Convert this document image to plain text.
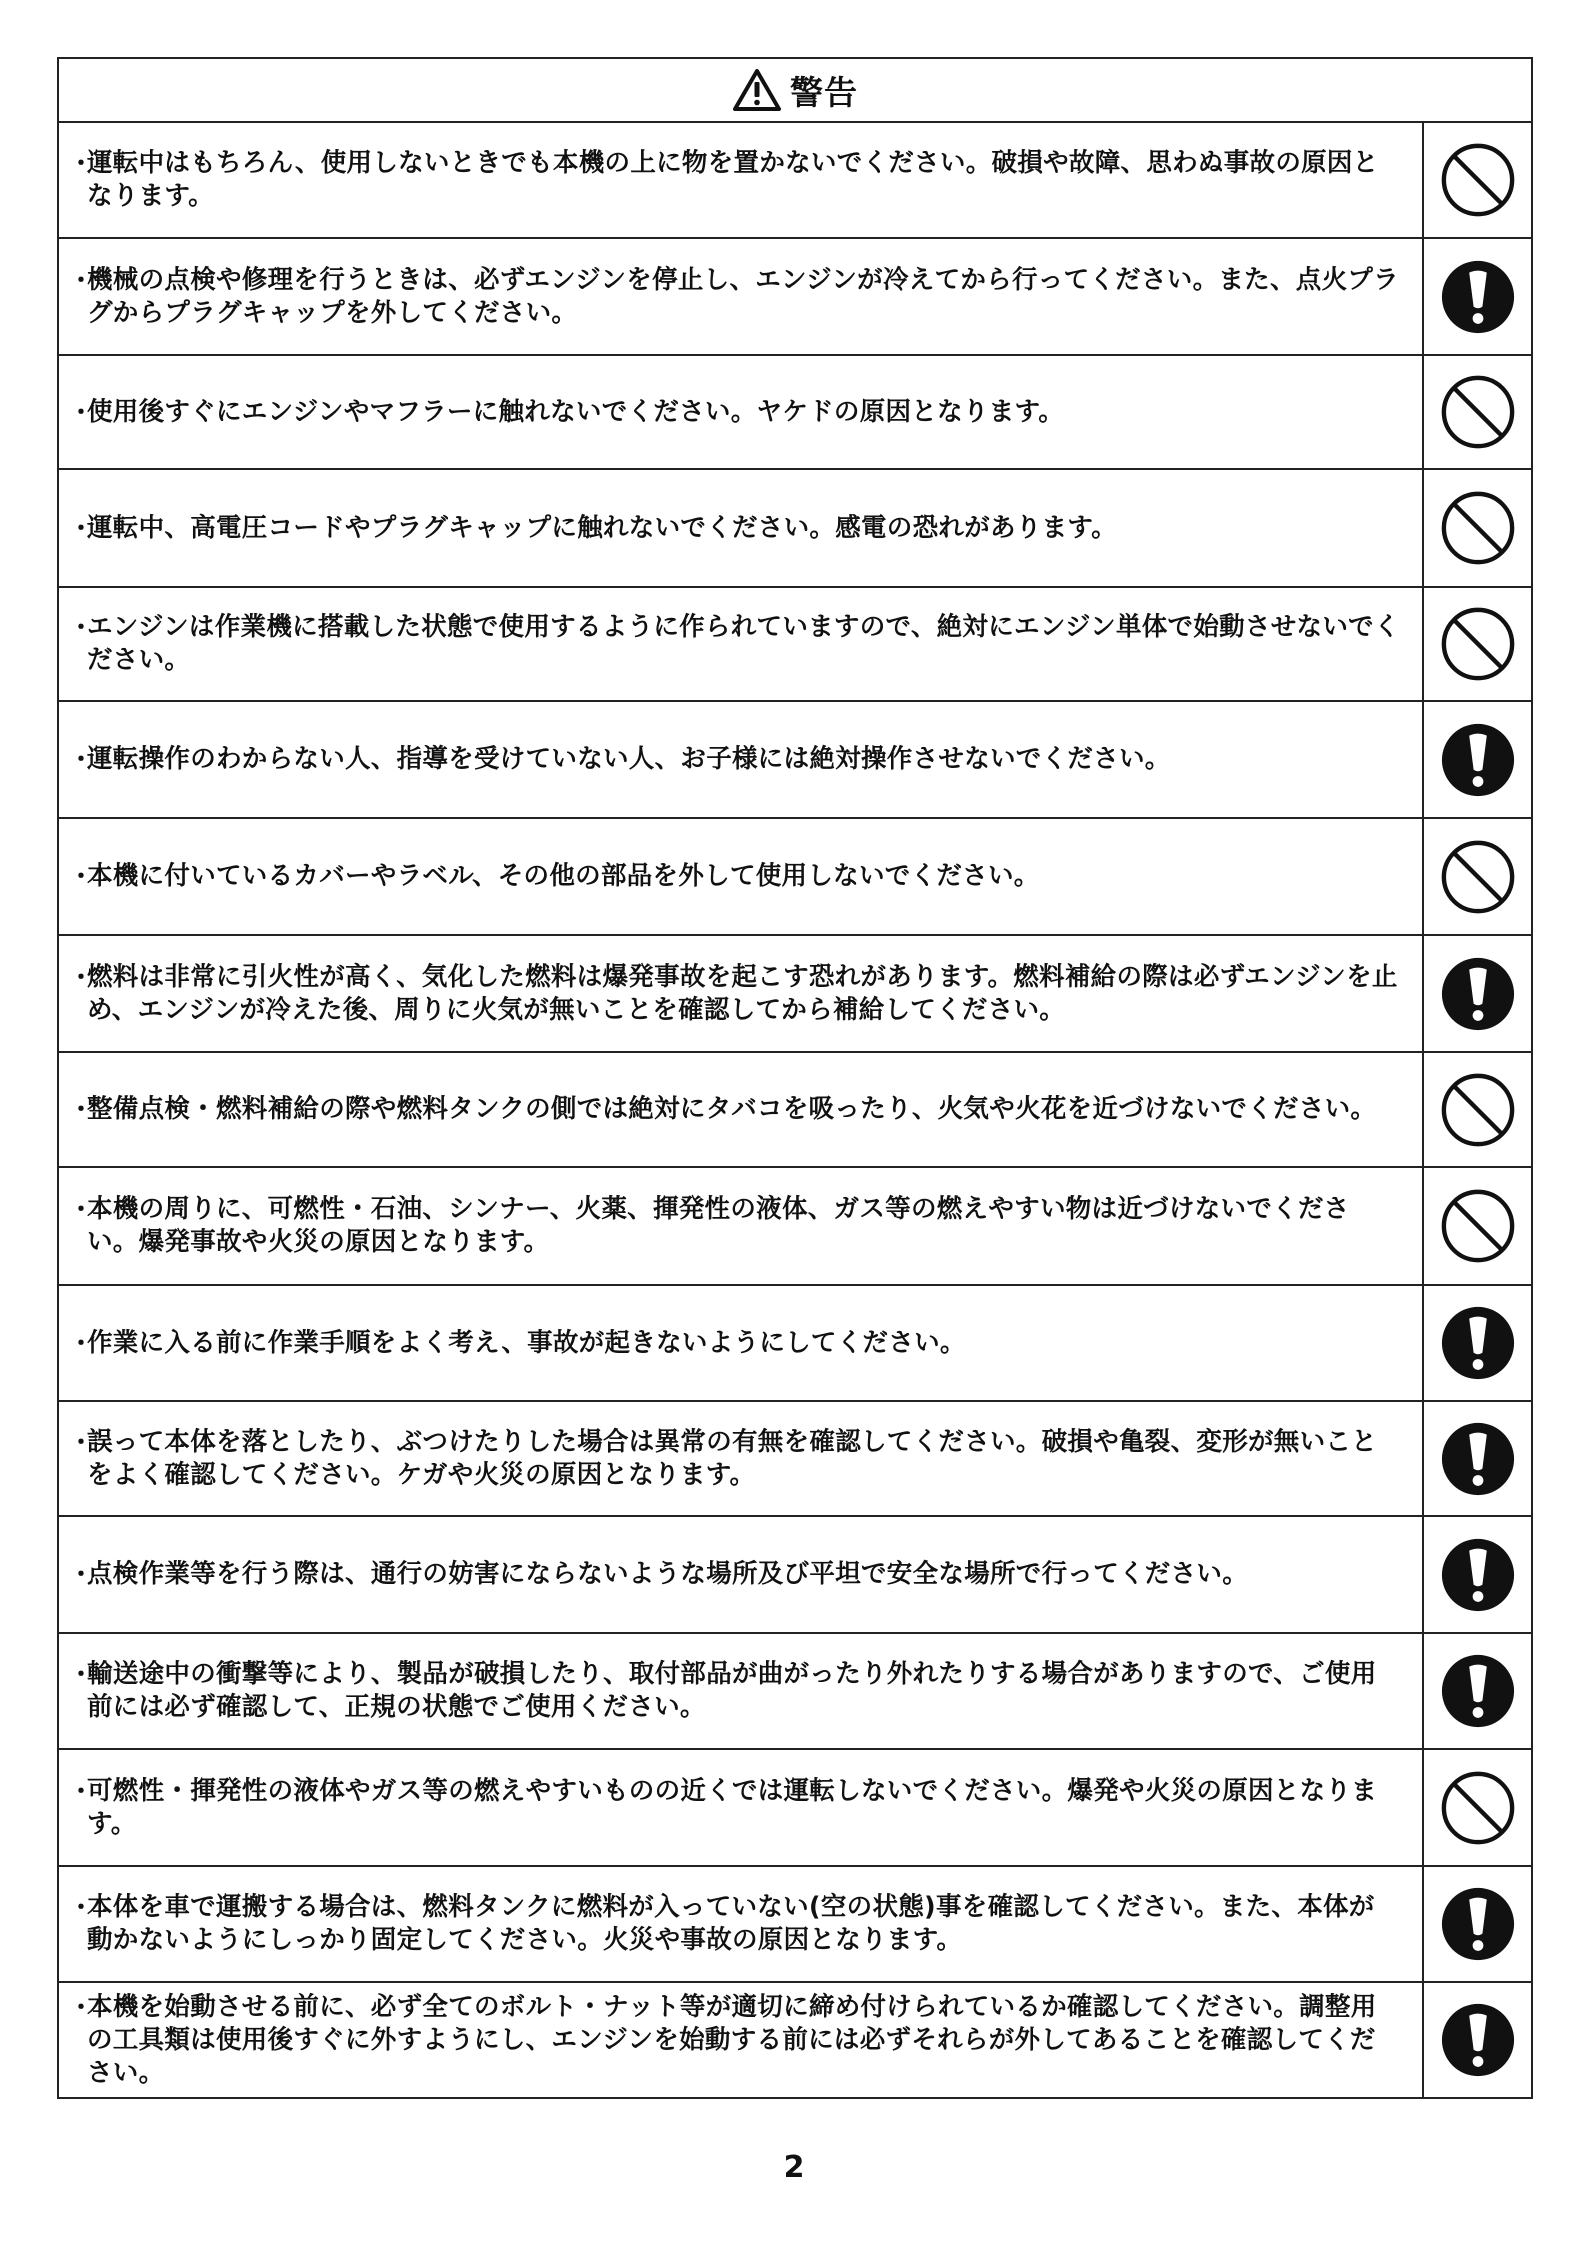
警告
・
運転中はもちろん、使用しないときでも本機の上に物を置かないでください。破損や故障、思わぬ事故の原因となります。
・
機械の点検や修理を行うときは、必ずエンジンを停止し、エンジンが冷えてから行ってください。また、点火プラグからプラグキャップを外してください。
・
使用後すぐにエンジンやマフラーに触れないでください。ヤケドの原因となります。
・
運転中、高電圧コードやプラグキャップに触れないでください。感電の恐れがあります。
・
エンジンは作業機に搭載した状態で使用するように作られていますので、絶対にエンジン単体で始動させないでください。
・
運転操作のわからない人、指導を受けていない人、お子様には絶対操作させないでください。
・
本機に付いているカバーやラベル、その他の部品を外して使用しないでください。
・
燃料は非常に引火性が高く、気化した燃料は爆発事故を起こす恐れがあります。燃料補給の際は必ずエンジンを止め、エンジンが冷えた後、周りに火気が無いことを確認してから補給してください。
・
整備点検・燃料補給の際や燃料タンクの側では絶対にタバコを吸ったり、火気や火花を近づけないでください。
・
本機の周りに、可燃性・石油、シンナー、火薬、揮発性の液体、ガス等の燃えやすい物は近づけないでください。爆発事故や火災の原因となります。
・
作業に入る前に作業手順をよく考え、事故が起きないようにしてください。
・
誤って本体を落としたり、ぶつけたりした場合は異常の有無を確認してください。破損や亀裂、変形が無いことをよく確認してください。ケガや火災の原因となります。
・
点検作業等を行う際は、通行の妨害にならないような場所及び平坦で安全な場所で行ってください。
・
輸送途中の衝撃等により、製品が破損したり、取付部品が曲がったり外れたりする場合がありますので、ご使用前には必ず確認して、正規の状態でご使用ください。
・
可燃性・揮発性の液体やガス等の燃えやすいものの近くでは運転しないでください。爆発や火災の原因となります。
・
本体を車で運搬する場合は、燃料タンクに燃料が入っていない(空の状態)事を確認してください。また、本体が動かないようにしっかり固定してください。火災や事故の原因となります。
・
本機を始動させる前に、必ず全てのボルト・ナット等が適切に締め付けられているか確認してください。調整用の工具類は使用後すぐに外すようにし、エンジンを始動する前には必ずそれらが外してあることを確認してください。
2
